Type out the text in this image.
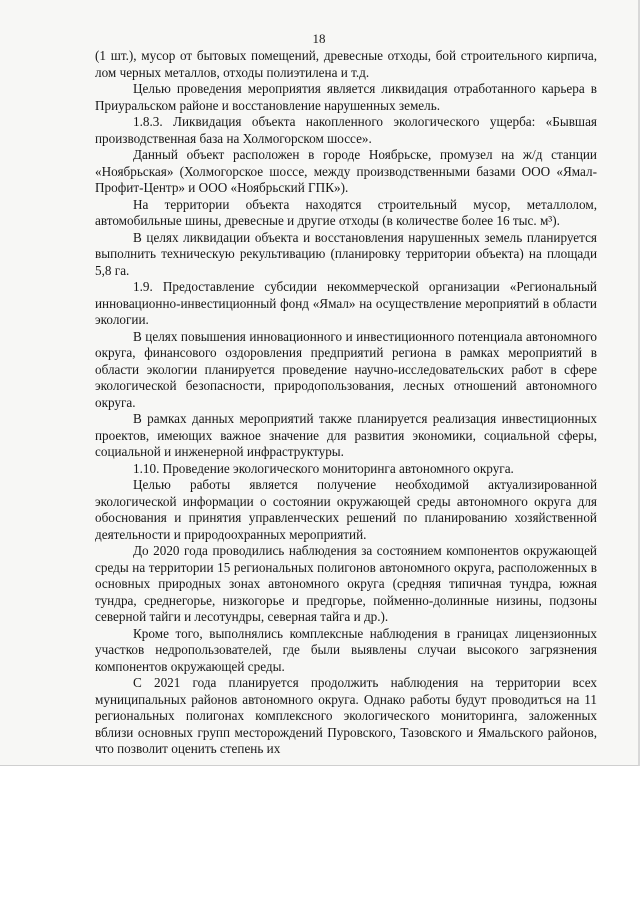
18

(1 шт.), мусор от бытовых помещений, древесные отходы, бой строительного кирпича, лом черных металлов, отходы полиэтилена и т.д.

Целью проведения мероприятия является ликвидация отработанного карьера в Приуральском районе и восстановление нарушенных земель.

1.8.3. Ликвидация объекта накопленного экологического ущерба: «Бывшая производственная база на Холмогорском шоссе».

Данный объект расположен в городе Ноябрьске, промузел на ж/д станции «Ноябрьская» (Холмогорское шоссе, между производственными базами ООО «Ямал-Профит-Центр» и ООО «Ноябрьский ГПК»).

На территории объекта находятся строительный мусор, металлолом, автомобильные шины, древесные и другие отходы (в количестве более 16 тыс. м³).

В целях ликвидации объекта и восстановления нарушенных земель планируется выполнить техническую рекультивацию (планировку территории объекта) на площади 5,8 га.

1.9. Предоставление субсидии некоммерческой организации «Региональный инновационно-инвестиционный фонд «Ямал» на осуществление мероприятий в области экологии.

В целях повышения инновационного и инвестиционного потенциала автономного округа, финансового оздоровления предприятий региона в рамках мероприятий в области экологии планируется проведение научно-исследовательских работ в сфере экологической безопасности, природопользования, лесных отношений автономного округа.

В рамках данных мероприятий также планируется реализация инвестиционных проектов, имеющих важное значение для развития экономики, социальной сферы, социальной и инженерной инфраструктуры.

1.10. Проведение экологического мониторинга автономного округа.

Целью работы является получение необходимой актуализированной экологической информации о состоянии окружающей среды автономного округа для обоснования и принятия управленческих решений по планированию хозяйственной деятельности и природоохранных мероприятий.

До 2020 года проводились наблюдения за состоянием компонентов окружающей среды на территории 15 региональных полигонов автономного округа, расположенных в основных природных зонах автономного округа (средняя типичная тундра, южная тундра, среднегорье, низкогорье и предгорье, пойменно-долинные низины, подзоны северной тайги и лесотундры, северная тайга и др.).

Кроме того, выполнялись комплексные наблюдения в границах лицензионных участков недропользователей, где были выявлены случаи высокого загрязнения компонентов окружающей среды.

С 2021 года планируется продолжить наблюдения на территории всех муниципальных районов автономного округа. Однако работы будут проводиться на 11 региональных полигонах комплексного экологического мониторинга, заложенных вблизи основных групп месторождений Пуровского, Тазовского и Ямальского районов, что позволит оценить степень их
